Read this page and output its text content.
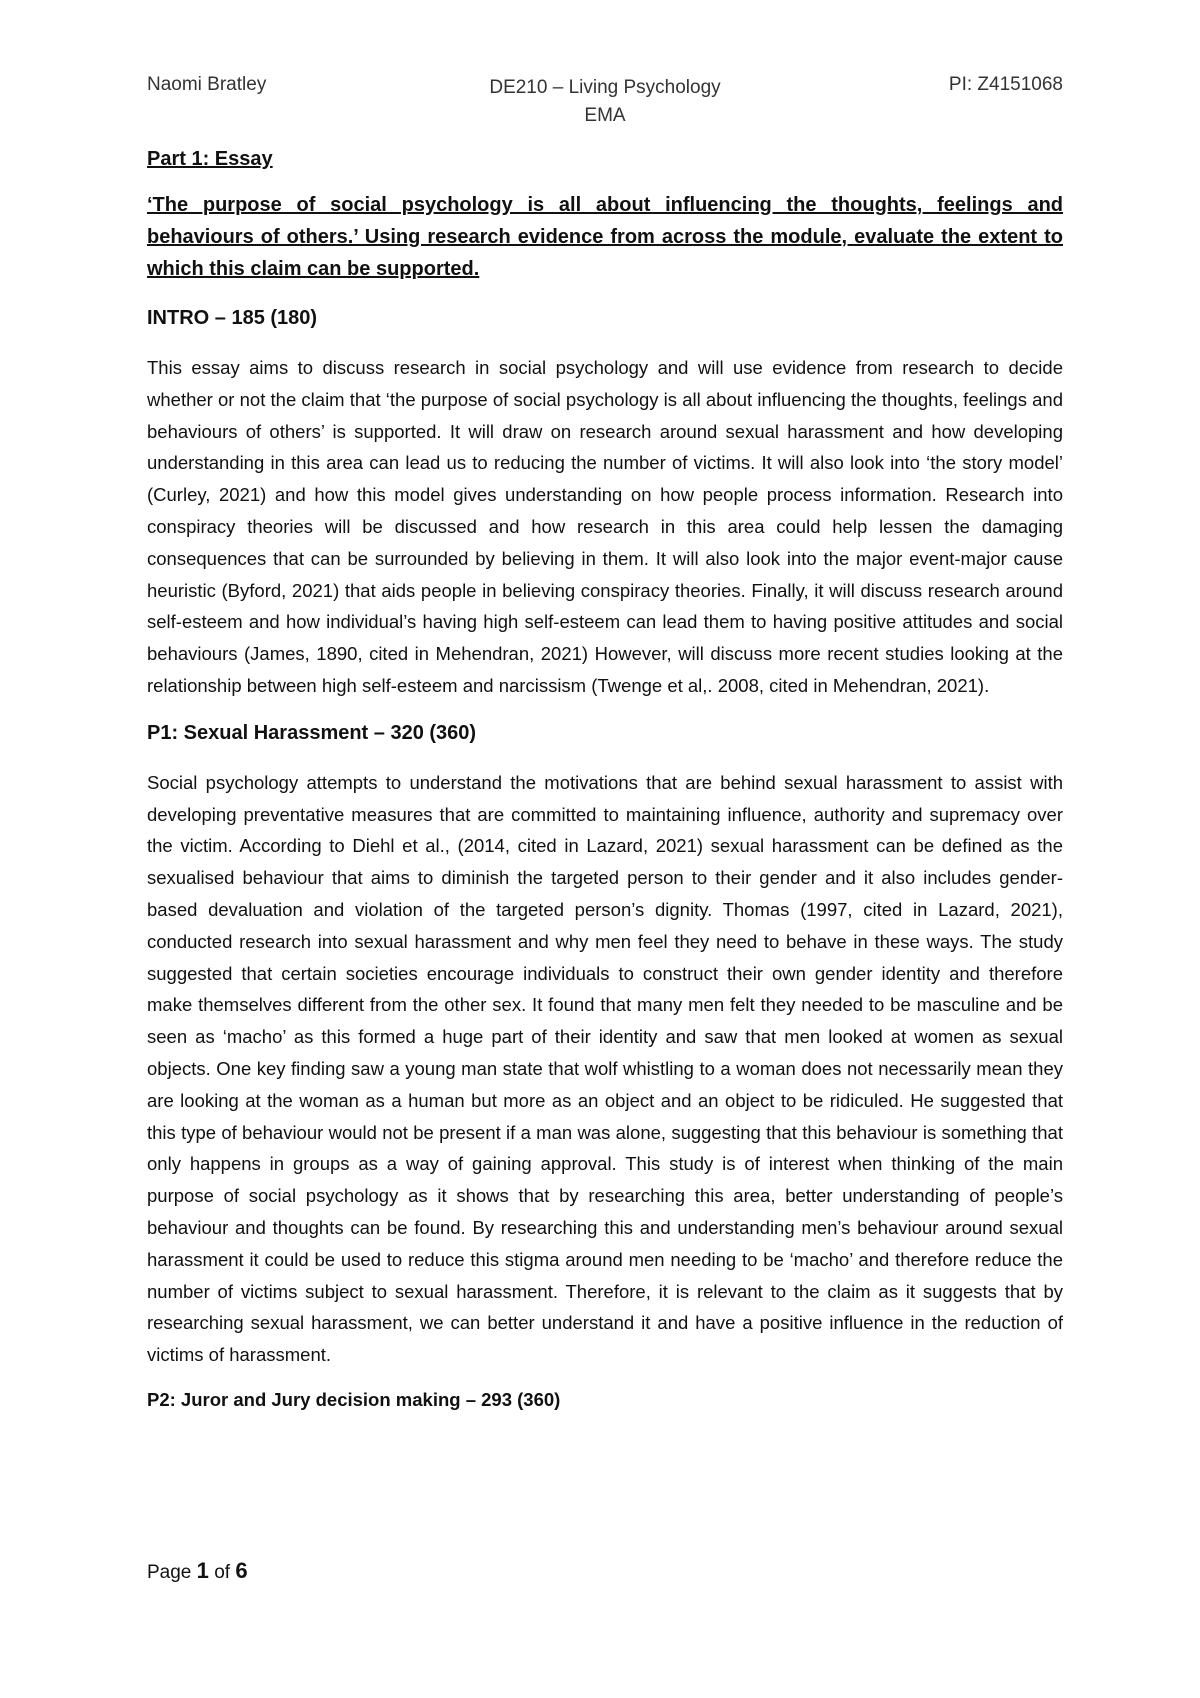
Naomi Bratley	DE210 – Living Psychology
EMA
PI: Z4151068
Part 1: Essay
‘The purpose of social psychology is all about influencing the thoughts, feelings and behaviours of others.’ Using research evidence from across the module, evaluate the extent to which this claim can be supported.
INTRO – 185 (180)
This essay aims to discuss research in social psychology and will use evidence from research to decide whether or not the claim that ‘the purpose of social psychology is all about influencing the thoughts, feelings and behaviours of others’ is supported. It will draw on research around sexual harassment and how developing understanding in this area can lead us to reducing the number of victims. It will also look into ‘the story model’ (Curley, 2021) and how this model gives understanding on how people process information. Research into conspiracy theories will be discussed and how research in this area could help lessen the damaging consequences that can be surrounded by believing in them. It will also look into the major event-major cause heuristic (Byford, 2021) that aids people in believing conspiracy theories. Finally, it will discuss research around self-esteem and how individual’s having high self-esteem can lead them to having positive attitudes and social behaviours (James, 1890, cited in Mehendran, 2021) However, will discuss more recent studies looking at the relationship between high self-esteem and narcissism (Twenge et al,. 2008, cited in Mehendran, 2021).
P1: Sexual Harassment – 320 (360)
Social psychology attempts to understand the motivations that are behind sexual harassment to assist with developing preventative measures that are committed to maintaining influence, authority and supremacy over the victim. According to Diehl et al., (2014, cited in Lazard, 2021) sexual harassment can be defined as the sexualised behaviour that aims to diminish the targeted person to their gender and it also includes gender-based devaluation and violation of the targeted person’s dignity. Thomas (1997, cited in Lazard, 2021), conducted research into sexual harassment and why men feel they need to behave in these ways. The study suggested that certain societies encourage individuals to construct their own gender identity and therefore make themselves different from the other sex. It found that many men felt they needed to be masculine and be seen as ‘macho’ as this formed a huge part of their identity and saw that men looked at women as sexual objects. One key finding saw a young man state that wolf whistling to a woman does not necessarily mean they are looking at the woman as a human but more as an object and an object to be ridiculed. He suggested that this type of behaviour would not be present if a man was alone, suggesting that this behaviour is something that only happens in groups as a way of gaining approval. This study is of interest when thinking of the main purpose of social psychology as it shows that by researching this area, better understanding of people’s behaviour and thoughts can be found. By researching this and understanding men’s behaviour around sexual harassment it could be used to reduce this stigma around men needing to be ‘macho’ and therefore reduce the number of victims subject to sexual harassment. Therefore, it is relevant to the claim as it suggests that by researching sexual harassment, we can better understand it and have a positive influence in the reduction of victims of harassment.
P2: Juror and Jury decision making – 293 (360)
Page 1 of 6
